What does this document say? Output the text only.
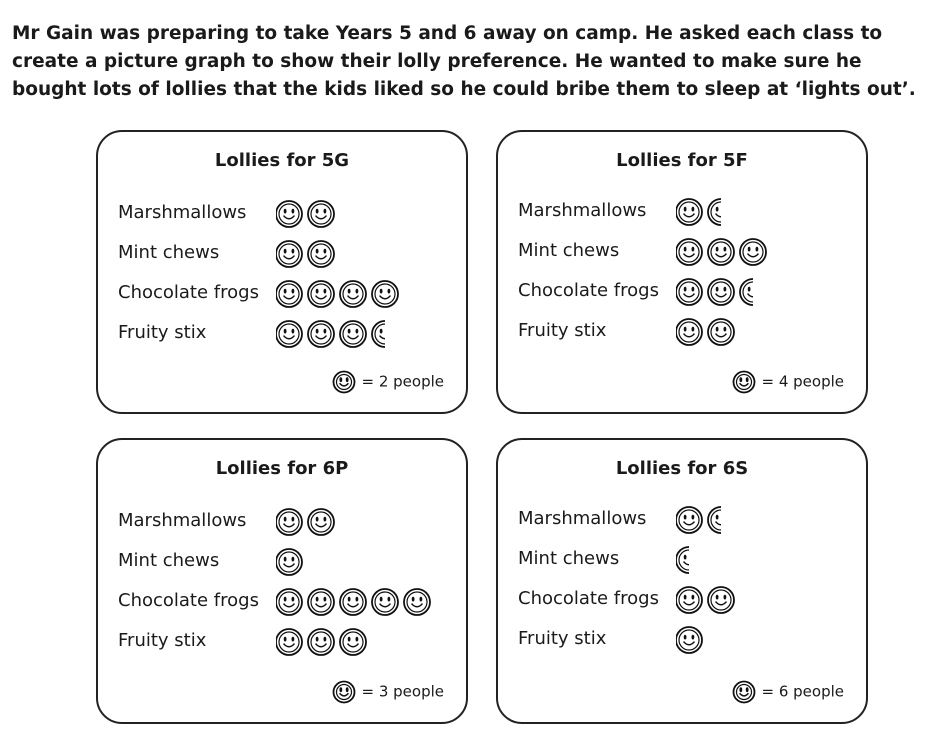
Mr Gain was preparing to take Years 5 and 6 away on camp. He asked each class to create a picture graph to show their lolly preference. He wanted to make sure he bought lots of lollies that the kids liked so he could bribe them to sleep at ‘lights out’.

Lollies for 5G
Marshmallows
Mint chews
Chocolate frogs
Fruity stix
= 2 people
Lollies for 5F
Marshmallows
Mint chews
Chocolate frogs
Fruity stix
= 4 people
Lollies for 6P
Marshmallows
Mint chews
Chocolate frogs
Fruity stix
= 3 people
Lollies for 6S
Marshmallows
Mint chews
Chocolate frogs
Fruity stix
= 6 people
